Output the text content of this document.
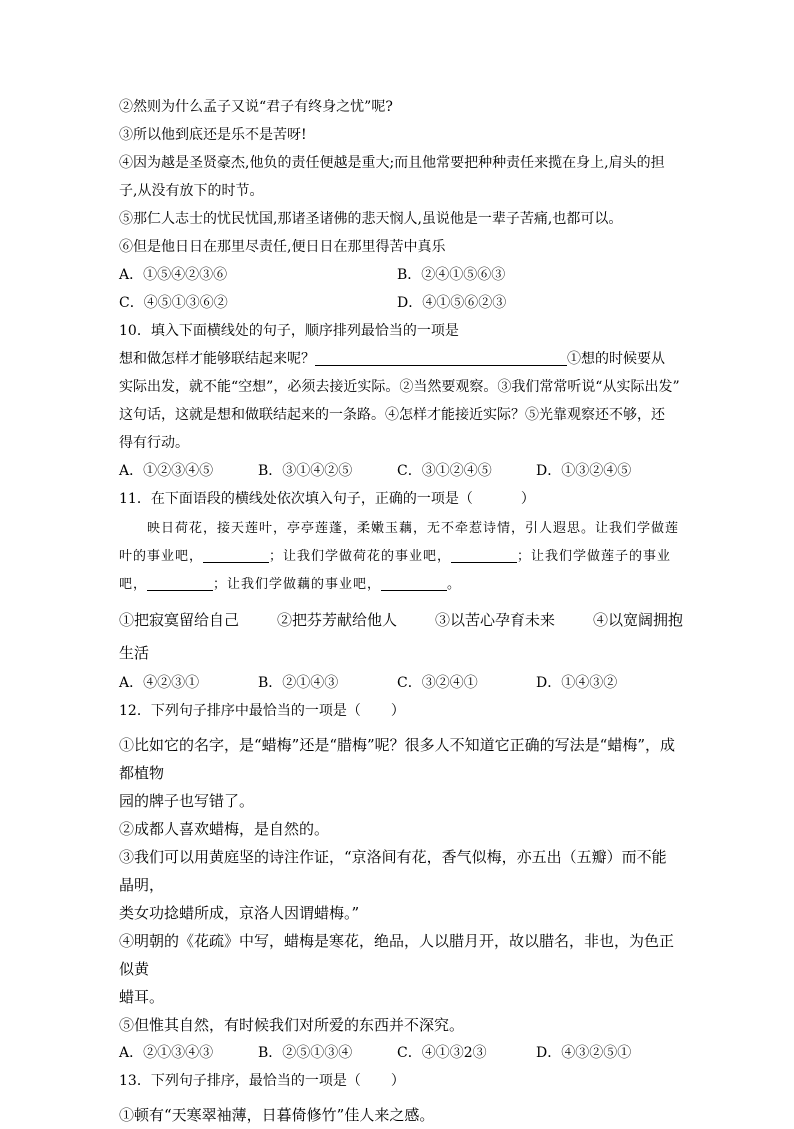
②然则为什么孟子又说“君子有终身之忧”呢?
③所以他到底还是乐不是苦呀!
④因为越是圣贤豪杰,他负的责任便越是重大;而且他常要把种种责任来揽在身上,肩头的担
子,从没有放下的时节。
⑤那仁人志士的忧民忧国,那诸圣诸佛的悲天悯人,虽说他是一辈子苦痛,也都可以。
⑥但是他日日在那里尽责任,便日日在那里得苦中真乐
A．①⑤④②③⑥	B．②④①⑤⑥③
C．④⑤①③⑥②	D．④①⑤⑥②③
10．填入下面横线处的句子，顺序排列最恰当的一项是
想和做怎样才能够联结起来呢？	①想的时候要从
实际出发，就不能“空想”，必须去接近实际。②当然要观察。③我们常常听说“从实际出发”
这句话，这就是想和做联结起来的一条路。④怎样才能接近实际？⑤光靠观察还不够，还
得有行动。
A．①②③④⑤	B．③①④②⑤	C．③①②④⑤	D．①③②④⑤
11．在下面语段的横线处依次填入句子，正确的一项是（	）
映日荷花，接天莲叶，亭亭莲蓬，柔嫩玉藕，无不牵惹诗情，引人遐思。让我们学做莲
叶的事业吧，	；让我们学做荷花的事业吧，	；让我们学做莲子的事业
吧，	；让我们学做藕的事业吧，	。
①把寂寞留给自己	②把芬芳献给他人	③以苦心孕育未来	④以宽阔拥抱
生活
A．④②③①	B．②①④③	C．③②④①	D．①④③②
12．下列句子排序中最恰当的一项是（ ）
①比如它的名字，是“蜡梅”还是“腊梅”呢？很多人不知道它正确的写法是“蜡梅”，成都植物
园的牌子也写错了。
②成都人喜欢蜡梅，是自然的。
③我们可以用黄庭坚的诗注作证，“京洛间有花，香气似梅，亦五出（五瓣）而不能晶明，
类女功捻蜡所成，京洛人因谓蜡梅。”
④明朝的《花疏》中写，蜡梅是寒花，绝品，人以腊月开，故以腊名，非也，为色正似黄
蜡耳。
⑤但惟其自然，有时候我们对所爱的东西并不深究。
A．②①③④③	B．②⑤①③④	C．④①③2③	D．④③②⑤①
13．下列句子排序，最恰当的一项是（ ）
①顿有“天寒翠袖薄，日暮倚修竹”佳人来之感。
